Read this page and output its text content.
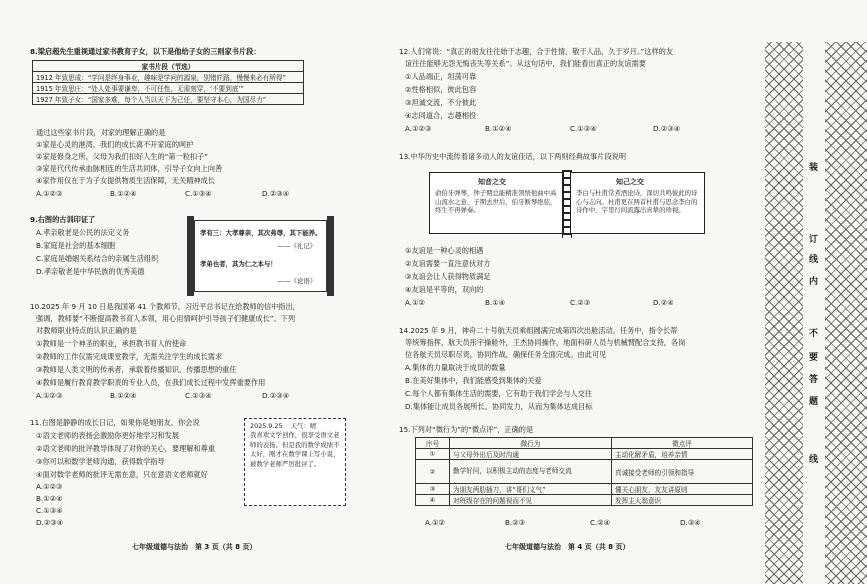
8.梁启超先生重视通过家书教育子女，以下是他给子女的三则家书片段：
家书片段（节选）
1912 年致思成：“学问是终身事业，趣味是学问的源泉，别错匠路，慢慢来必有所得”
1915 年致思庄：“处人处事要谦卑，不可任性，无需刻穿，‘不要到底’”
1927 年致子女：“国家多难，每个人当以天下为己任，要坚守本心，为国尽力”
通过这些家书片段，对家的理解正确的是
①家是心灵的港湾，我们的成长离不开家庭的呵护
②家是修身之所，父母为我们扣好人生的“第一粒扣子”
③家是代代传承血脉相连的生活共同体，引导子女向上向善
④家作用仅在于为子女提供物质生活保障，无关精神成长
A.①②③	B.①②④	C.①③④	D.②③④
9.右图的古训印证了
A.孝亲敬老是公民的法定义务
B.家庭是社会的基本细胞
C.家庭是婚姻关系结合的亲属生活组织
D.孝亲敬老是中华民族的优秀美德
孝有三：大孝尊亲，其次弗辱，其下能养。
——《礼记》
孝弟也者，其为仁之本与！
——《论语》
10.2025 年 9 月 10 日是我国第 41 个教师节。习近平总书记在给教师的信中指出，
强调，教师要“不断提高教书育人本领，用心用情呵护引导孩子们健康成长”。下列
对教师职业特点的认识正确的是
①教师是一个神圣的职业，承担教书育人的使命
②教师的工作仅需完成课堂教学，无需关注学生的成长需求
③教师是人类文明的传承者，承载着传播知识、传播思想的重任
④教师是履行教育教学职责的专业人员，在我们成长过程中发挥重要作用
A.①②③	B.①②④	C.①③④	D.②③④
11.右图是静静的成长日记，如果你是她朋友，你会说
①语文老师的表扬会激励你更好地学习和发展
②语文老师的批评教导体现了对你的关心，要理解和尊重
③你可以和数学老师沟通，获得数学指导
④面对数学老师的批评无需在意，只在意语文老师就好
A.①②③
B.①②④
C.①③④
D.②③④
2025.9.25 天气：晴
我喜欢文学创作，很享受语文老师的表扬。但是我的数学成绩不太好，刚才在数学课上写小说，被数学老师严厉批评了。
七年级道德与法治　第 3 页（共 8 页）
12.人们常说：“真正的朋友往往始于志趣，合于性情，敬于人品，久于岁月。”这样的友
谊往往能够无怨无悔丧失等关系”。从这句话中，我们能看出真正的友谊需要
①人品端正，坦荡可靠
②性格相似，彼此包容
③坦诚交流，不分彼此
④志同道合，志趣相投
A.①②③	B.①②④	C.①③④	D.②③④
13.中华历史中流传着诸多动人的友谊佳话，以下两则经典故事片段说明
知音之交
俞伯牙弹琴，钟子期总能精准领悟他曲中高山流水之意，子期去世后，伯牙断琴绝弦，终生不再弹奏。
知己之交
李白与杜甫常煮酒论诗，深切共鸣彼此的诗心与志向。杜甫更在两首杜甫与思念李白的诗作中，字里行间流露出真挚的珍视。
①友谊是一种心灵的相遇
②友谊需要一直注意伙对方
③友谊会让人获得物质满足
④友谊是平等的，双向的
A.①②	B.①④	C.②③	D.②④
14.2025 年 9 月，神舟二十号航天员乘组圆满完成第四次出舱活动。任务中，指令长蒂
等统筹指挥，航天员彤宇操舱外，王杰协同操作，地面科研人员与机械臂配合支持，各岗
位各航天员尽职尽责，协同作战，确保任务全面完成。由此可见
A.集体的力量取决于成员的数量
B.在美好集体中，我们能感受到集体的关爱
C.每个人都有集体生活的需要，它有助于我们学会与人交往
D.集体能让成员各展所长、协同发力，从而为集体达成目标
15.下列对“微行为”的“微点评”，正确的是
序号	微行为	微点评
①	与父母外出后及时沟通	主动化解矛盾，培养亲情
②	勤学好问，以积极主动的态度与老师交流	真诚接受老师的引领和指导
③	为朋友两肋插刀，讲“哥们义气”	懂关心朋友，友友讲原则
④	对班级存在的问题视而不见	发挥主人翁意识
A.①②	B.②③	C.②④	D.③④
七年级道德与法治　第 4 页（共 8 页）
装
订
线
内
不
要
答
题
线
